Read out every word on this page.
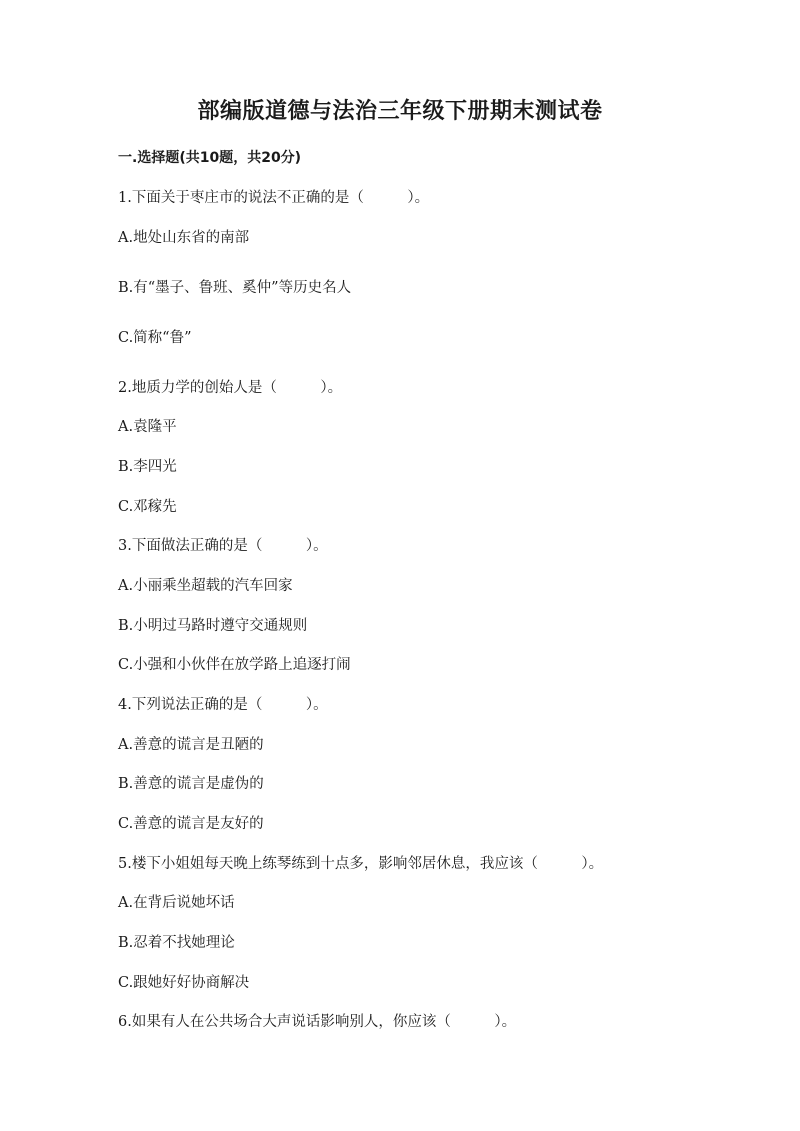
部编版道德与法治三年级下册期末测试卷
一.选择题(共10题，共20分)
1.下面关于枣庄市的说法不正确的是（　　　）。
A.地处山东省的南部
B.有“墨子、鲁班、奚仲”等历史名人
C.简称“鲁”
2.地质力学的创始人是（　　　）。
A.袁隆平
B.李四光
C.邓稼先
3.下面做法正确的是（　　　）。
A.小丽乘坐超载的汽车回家
B.小明过马路时遵守交通规则
C.小强和小伙伴在放学路上追逐打闹
4.下列说法正确的是（　　　）。
A.善意的谎言是丑陋的
B.善意的谎言是虚伪的
C.善意的谎言是友好的
5.楼下小姐姐每天晚上练琴练到十点多，影响邻居休息，我应该（　　　）。
A.在背后说她坏话
B.忍着不找她理论
C.跟她好好协商解决
6.如果有人在公共场合大声说话影响别人，你应该（　　　）。
